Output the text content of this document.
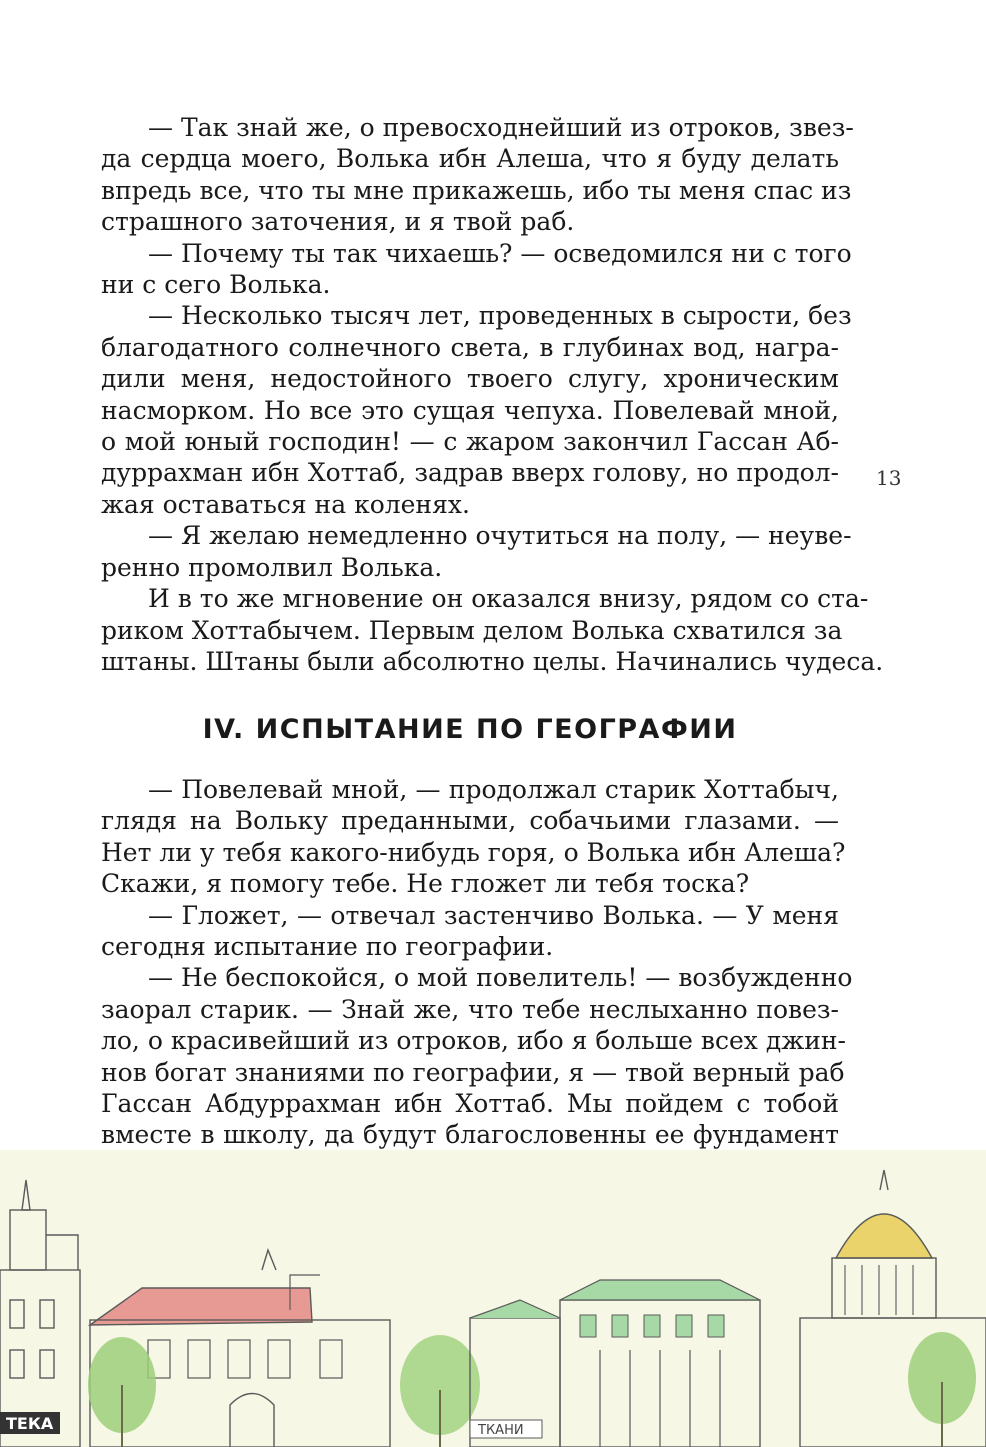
— Так знай же, о превосходнейший из отроков, звез-
да сердца моего, Волька ибн Алеша, что я буду делать
впредь все, что ты мне прикажешь, ибо ты меня спас из
страшного заточения, и я твой раб.
— Почему ты так чихаешь? — осведомился ни с того
ни с сего Волька.
— Несколько тысяч лет, проведенных в сырости, без
благодатного солнечного света, в глубинах вод, награ-
дили меня, недостойного твоего слугу, хроническим
насморком. Но все это сущая чепуха. Повелевай мной,
о мой юный господин! — с жаром закончил Гассан Аб-
дуррахман ибн Хоттаб, задрав вверх голову, но продол-
жая оставаться на коленях.
— Я желаю немедленно очутиться на полу, — неуве-
ренно промолвил Волька.
И в то же мгновение он оказался внизу, рядом со ста-
риком Хоттабычем. Первым делом Волька схватился за
штаны. Штаны были абсолютно целы. Начинались чудеса.
IV. ИСПЫТАНИЕ ПО ГЕОГРАФИИ
— Повелевай мной, — продолжал старик Хоттабыч,
глядя на Вольку преданными, собачьими глазами. —
Нет ли у тебя какого-нибудь горя, о Волька ибн Алеша?
Скажи, я помогу тебе. Не гложет ли тебя тоска?
— Гложет, — отвечал застенчиво Волька. — У меня
сегодня испытание по географии.
— Не беспокойся, о мой повелитель! — возбужденно
заорал старик. — Знай же, что тебе неслыханно повез-
ло, о красивейший из отроков, ибо я больше всех джин-
нов богат знаниями по географии, я — твой верный раб
Гассан Абдуррахман ибн Хоттаб. Мы пойдем с тобой
вместе в школу, да будут благословенны ее фундамент
13
ТЕКА	ТКАНИ
